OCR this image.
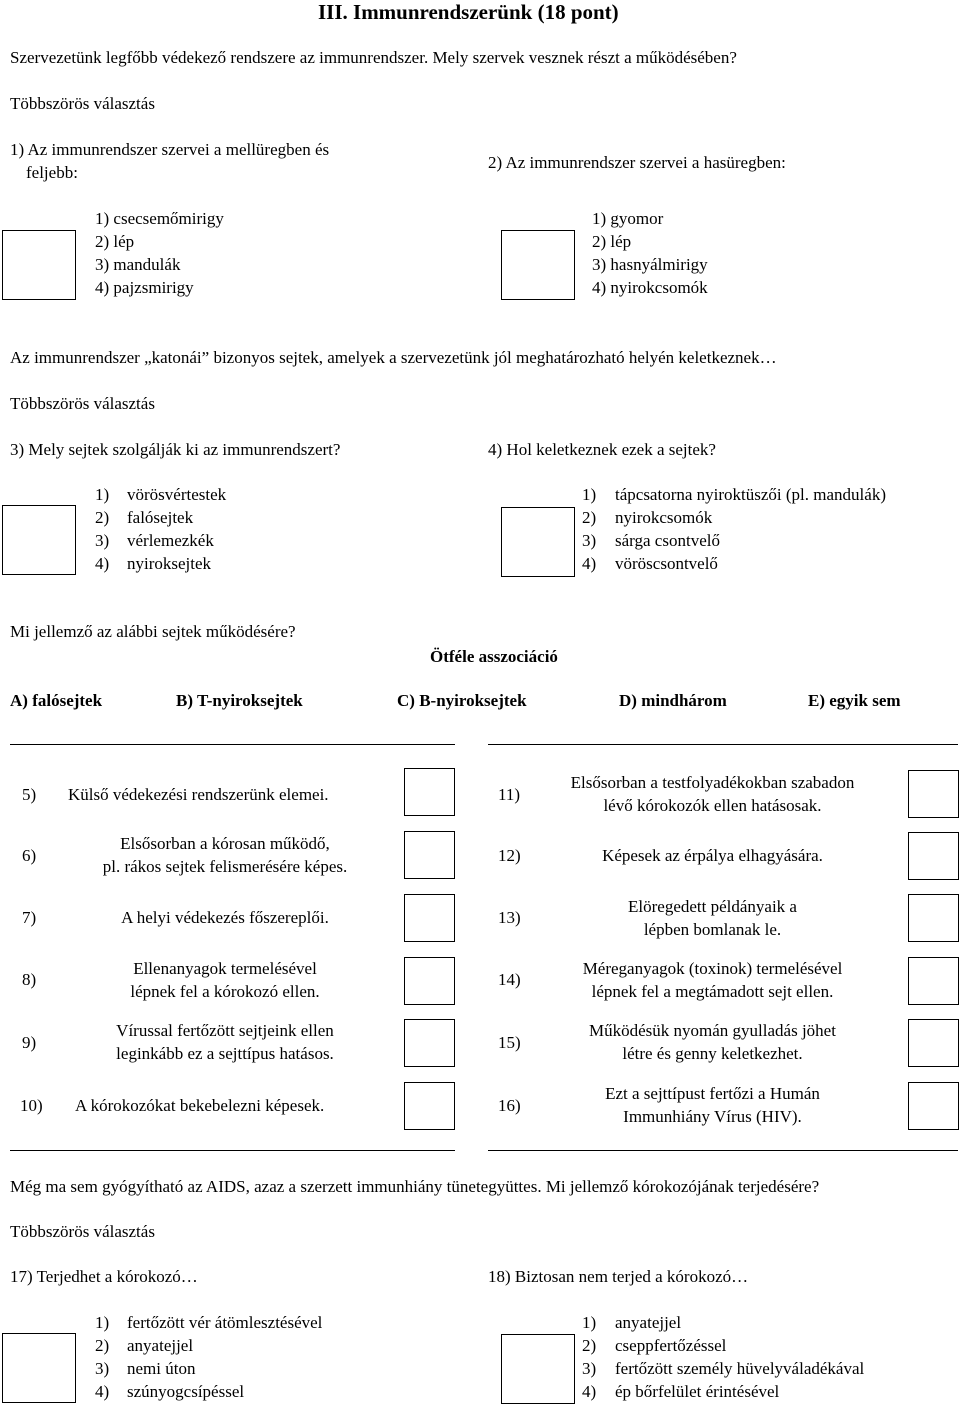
III. Immunrendszerünk (18 pont)
Szervezetünk legfőbb védekező rendszere az immunrendszer. Mely szervek vesznek részt a működésében?
Többszörös választás
1) Az immunrendszer szervei a mellüregben és
feljebb:
1) csecsemőmirigy
2) lép
3) mandulák
4) pajzsmirigy
2) Az immunrendszer szervei a hasüregben:
1) gyomor
2) lép
3) hasnyálmirigy
4) nyirokcsomók
Az immunrendszer „katonái” bizonyos sejtek, amelyek a szervezetünk jól meghatározható helyén keletkeznek…
Többszörös választás
3) Mely sejtek szolgálják ki az immunrendszert?
1) vörösvértestek
2) falósejtek
3) vérlemezkék
4) nyiroksejtek
4) Hol keletkeznek ezek a sejtek?
1) tápcsatorna nyiroktüszői (pl. mandulák)
2) nyirokcsomók
3) sárga csontvelő
4) vöröscsontvelő
Mi jellemző az alábbi sejtek működésére?
Ötféle asszociáció
A) falósejtek	B) T-nyiroksejtek	C) B-nyiroksejtek	D) mindhárom	E) egyik sem
5) Külső védekezési rendszerünk elemei.
6)
Elsősorban a kórosan működő,
pl. rákos sejtek felismerésére képes.
7)	A helyi védekezés főszereplői.
8)
Ellenanyagok termelésével
lépnek fel a kórokozó ellen.
9)
Vírussal fertőzött sejtjeink ellen
leginkább ez a sejttípus hatásos.
10) A kórokozókat bekebelezni képesek.
11)
Elsősorban a testfolyadékokban szabadon
lévő kórokozók ellen hatásosak.
12)	Képesek az érpálya elhagyására.
13)
Elöregedett példányaik a
lépben bomlanak le.
14)
Méreganyagok (toxinok) termelésével
lépnek fel a megtámadott sejt ellen.
15)
Működésük nyomán gyulladás jöhet
létre és genny keletkezhet.
16)
Ezt a sejttípust fertőzi a Humán
Immunhiány Vírus (HIV).
Még ma sem gyógyítható az AIDS, azaz a szerzett immunhiány tünetegyüttes. Mi jellemző kórokozójának terjedésére?
Többszörös választás
17) Terjedhet a kórokozó…
1) fertőzött vér átömlesztésével
2) anyatejjel
3) nemi úton
4) szúnyogcsípéssel
18) Biztosan nem terjed a kórokozó…
1) anyatejjel
2) cseppfertőzéssel
3) fertőzött személy hüvelyváladékával
4) ép bőrfelület érintésével
